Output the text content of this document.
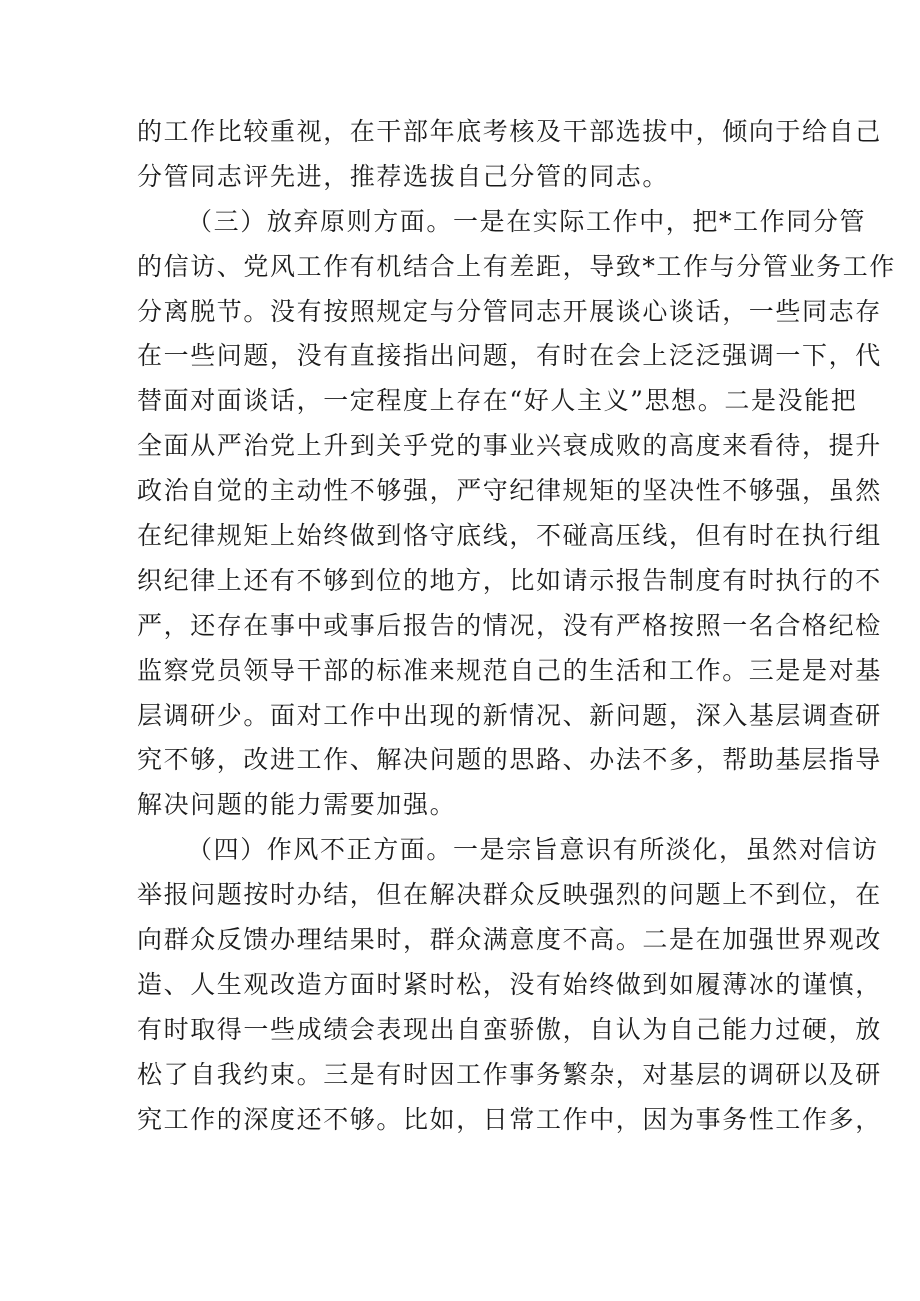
的工作比较重视，在干部年底考核及干部选拔中，倾向于给自己
分管同志评先进，推荐选拔自己分管的同志。
（三）放弃原则方面。一是在实际工作中，把*工作同分管
的信访、党风工作有机结合上有差距，导致*工作与分管业务工作
分离脱节。没有按照规定与分管同志开展谈心谈话，一些同志存
在一些问题，没有直接指出问题，有时在会上泛泛强调一下，代
替面对面谈话，一定程度上存在“好人主义”思想。二是没能把
全面从严治党上升到关乎党的事业兴衰成败的高度来看待，提升
政治自觉的主动性不够强，严守纪律规矩的坚决性不够强，虽然
在纪律规矩上始终做到恪守底线，不碰高压线，但有时在执行组
织纪律上还有不够到位的地方，比如请示报告制度有时执行的不
严，还存在事中或事后报告的情况，没有严格按照一名合格纪检
监察党员领导干部的标准来规范自己的生活和工作。三是是对基
层调研少。面对工作中出现的新情况、新问题，深入基层调查研
究不够，改进工作、解决问题的思路、办法不多，帮助基层指导
解决问题的能力需要加强。
（四）作风不正方面。一是宗旨意识有所淡化，虽然对信访
举报问题按时办结，但在解决群众反映强烈的问题上不到位，在
向群众反馈办理结果时，群众满意度不高。二是在加强世界观改
造、人生观改造方面时紧时松，没有始终做到如履薄冰的谨慎，
有时取得一些成绩会表现出自蛮骄傲，自认为自己能力过硬，放
松了自我约束。三是有时因工作事务繁杂，对基层的调研以及研
究工作的深度还不够。比如，日常工作中，因为事务性工作多，
